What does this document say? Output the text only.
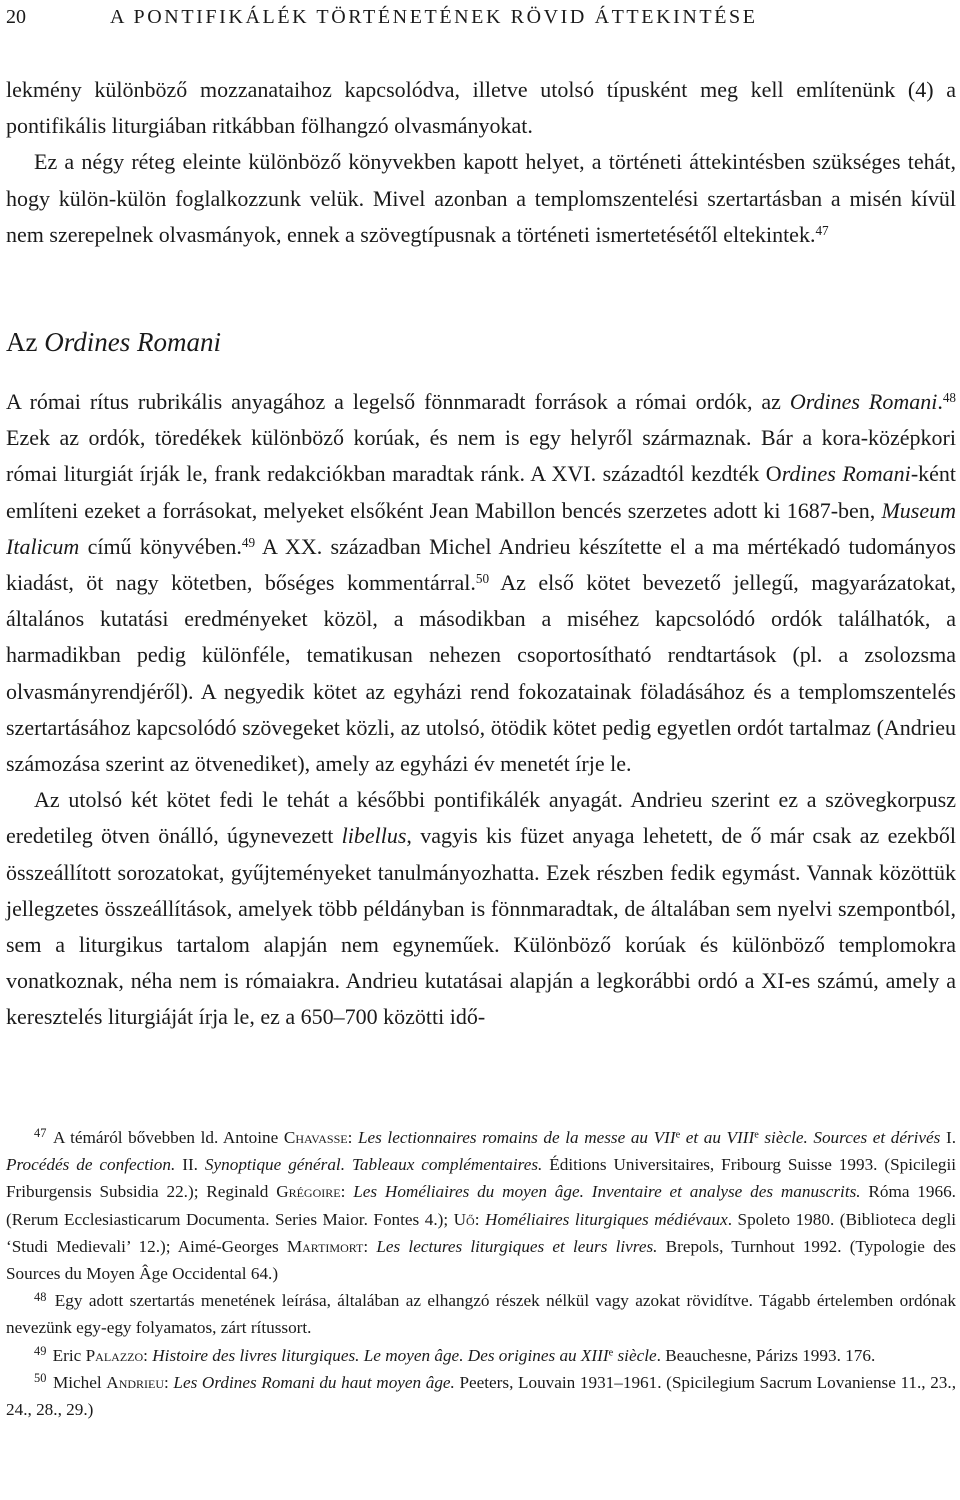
20	A PONTIFIKÁLÉK TÖRTÉNETÉNEK RÖVID ÁTTEKINTÉSE

lekmény különböző mozzanataihoz kapcsolódva, illetve utolsó típusként meg kell említenünk (4) a pontifikális liturgiában ritkábban fölhangzó olvasmányokat.

Ez a négy réteg eleinte különböző könyvekben kapott helyet, a történeti áttekintésben szükséges tehát, hogy külön-külön foglalkozzunk velük. Mivel azonban a templomszentelési szertartásban a misén kívül nem szerepelnek olvasmányok, ennek a szövegtípusnak a történeti ismertetésétől eltekintek.$^{47}$

Az Ordines Romani

A római rítus rubrikális anyagához a legelső fönnmaradt források a római ordók, az Ordines Romani.$^{48}$ Ezek az ordók, töredékek különböző korúak, és nem is egy helyről származnak. Bár a kora-középkori római liturgiát írják le, frank redakciókban maradtak ránk. A XVI. századtól kezdték Ordines Romani-ként említeni ezeket a forrásokat, melyeket elsőként Jean Mabillon bencés szerzetes adott ki 1687-ben, Museum Italicum című könyvében.$^{49}$ A XX. században Michel Andrieu készítette el a ma mértékadó tudományos kiadást, öt nagy kötetben, bőséges kommentárral.$^{50}$ Az első kötet bevezető jellegű, magyarázatokat, általános kutatási eredményeket közöl, a másodikban a miséhez kapcsolódó ordók találhatók, a harmadikban pedig különféle, tematikusan nehezen csoportosítható rendtartások (pl. a zsolozsma olvasmányrendjéről). A negyedik kötet az egyházi rend fokozatainak föladásához és a templomszentelés szertartásához kapcsolódó szövegeket közli, az utolsó, ötödik kötet pedig egyetlen ordót tartalmaz (Andrieu számozása szerint az ötvenediket), amely az egyházi év menetét írje le.

Az utolsó két kötet fedi le tehát a későbbi pontifikálék anyagát. Andrieu szerint ez a szövegkorpusz eredetileg ötven önálló, úgynevezett libellus, vagyis kis füzet anyaga lehetett, de ő már csak az ezekből összeállított sorozatokat, gyűjteményeket tanulmányozhatta. Ezek részben fedik egymást. Vannak közöttük jellegzetes összeállítások, amelyek több példányban is fönnmaradtak, de általában sem nyelvi szempontból, sem a liturgikus tartalom alapján nem egyneműek. Különböző korúak és különböző templomokra vonatkoznak, néha nem is rómaiakra. Andrieu kutatásai alapján a legkorábbi ordó a XI-es számú, amely a keresztelés liturgiáját írja le, ez a 650–700 közötti idő-

$^{47}$ A témáról bővebben ld. Antoine Chavasse: Les lectionnaires romains de la messe au VIIe et au VIIIe siècle. Sources et dérivés I. Procédés de confection. II. Synoptique général. Tableaux complémentaires. Éditions Universitaires, Fribourg Suisse 1993. (Spicilegii Friburgensis Subsidia 22.); Reginald Grégoire: Les Homéliaires du moyen âge. Inventaire et analyse des manuscrits. Róma 1966. (Rerum Ecclesiasticarum Documenta. Series Maior. Fontes 4.); Uő: Homéliaires liturgiques médiévaux. Spoleto 1980. (Biblioteca degli ‘Studi Medievali’ 12.); Aimé-Georges Martimort: Les lectures liturgiques et leurs livres. Brepols, Turnhout 1992. (Typologie des Sources du Moyen Âge Occidental 64.)

$^{48}$ Egy adott szertartás menetének leírása, általában az elhangzó részek nélkül vagy azokat rövidítve. Tágabb értelemben ordónak nevezünk egy-egy folyamatos, zárt rítussort.

$^{49}$ Eric Palazzo: Histoire des livres liturgiques. Le moyen âge. Des origines au XIIIe siècle. Beauchesne, Párizs 1993. 176.

$^{50}$ Michel Andrieu: Les Ordines Romani du haut moyen âge. Peeters, Louvain 1931–1961. (Spicilegium Sacrum Lovaniense 11., 23., 24., 28., 29.)
